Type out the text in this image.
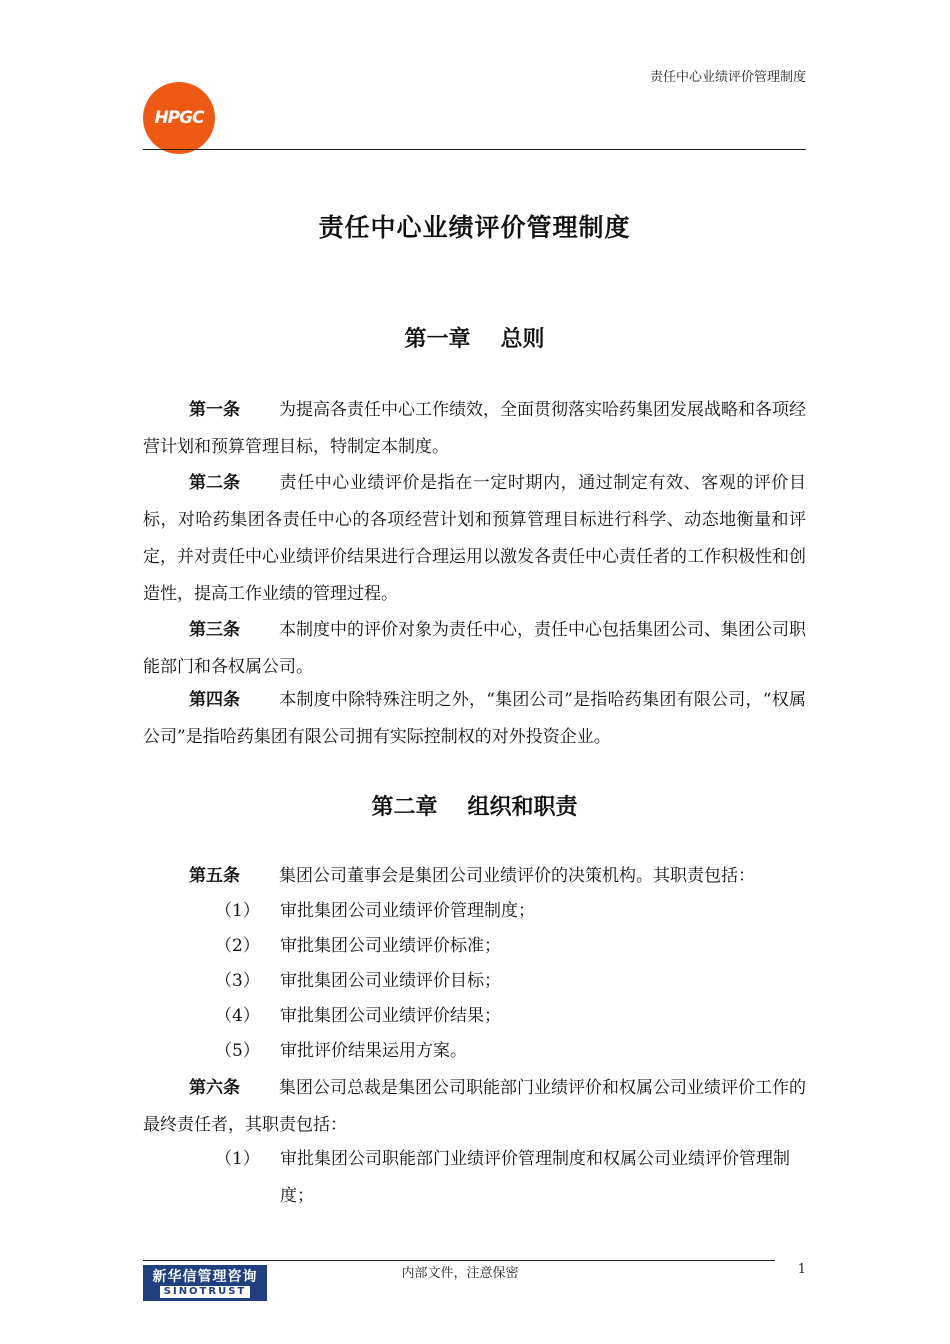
责任中心业绩评价管理制度
HPGC
责任中心业绩评价管理制度
第一章 总则
第一条 为提高各责任中心工作绩效，全面贯彻落实哈药集团发展战略和各项经营计划和预算管理目标，特制定本制度。
第二条 责任中心业绩评价是指在一定时期内，通过制定有效、客观的评价目标，对哈药集团各责任中心的各项经营计划和预算管理目标进行科学、动态地衡量和评定，并对责任中心业绩评价结果进行合理运用以激发各责任中心责任者的工作积极性和创造性，提高工作业绩的管理过程。
第三条 本制度中的评价对象为责任中心，责任中心包括集团公司、集团公司职能部门和各权属公司。
第四条 本制度中除特殊注明之外，“集团公司”是指哈药集团有限公司，“权属公司”是指哈药集团有限公司拥有实际控制权的对外投资企业。
第二章 组织和职责
第五条 集团公司董事会是集团公司业绩评价的决策机构。其职责包括：
（1） 审批集团公司业绩评价管理制度；
（2） 审批集团公司业绩评价标准；
（3） 审批集团公司业绩评价目标；
（4） 审批集团公司业绩评价结果；
（5） 审批评价结果运用方案。
第六条 集团公司总裁是集团公司职能部门业绩评价和权属公司业绩评价工作的最终责任者，其职责包括：
（1） 审批集团公司职能部门业绩评价管理制度和权属公司业绩评价管理制度；
内部文件，注意保密	1
新华信管理咨询
SINOTRUST
